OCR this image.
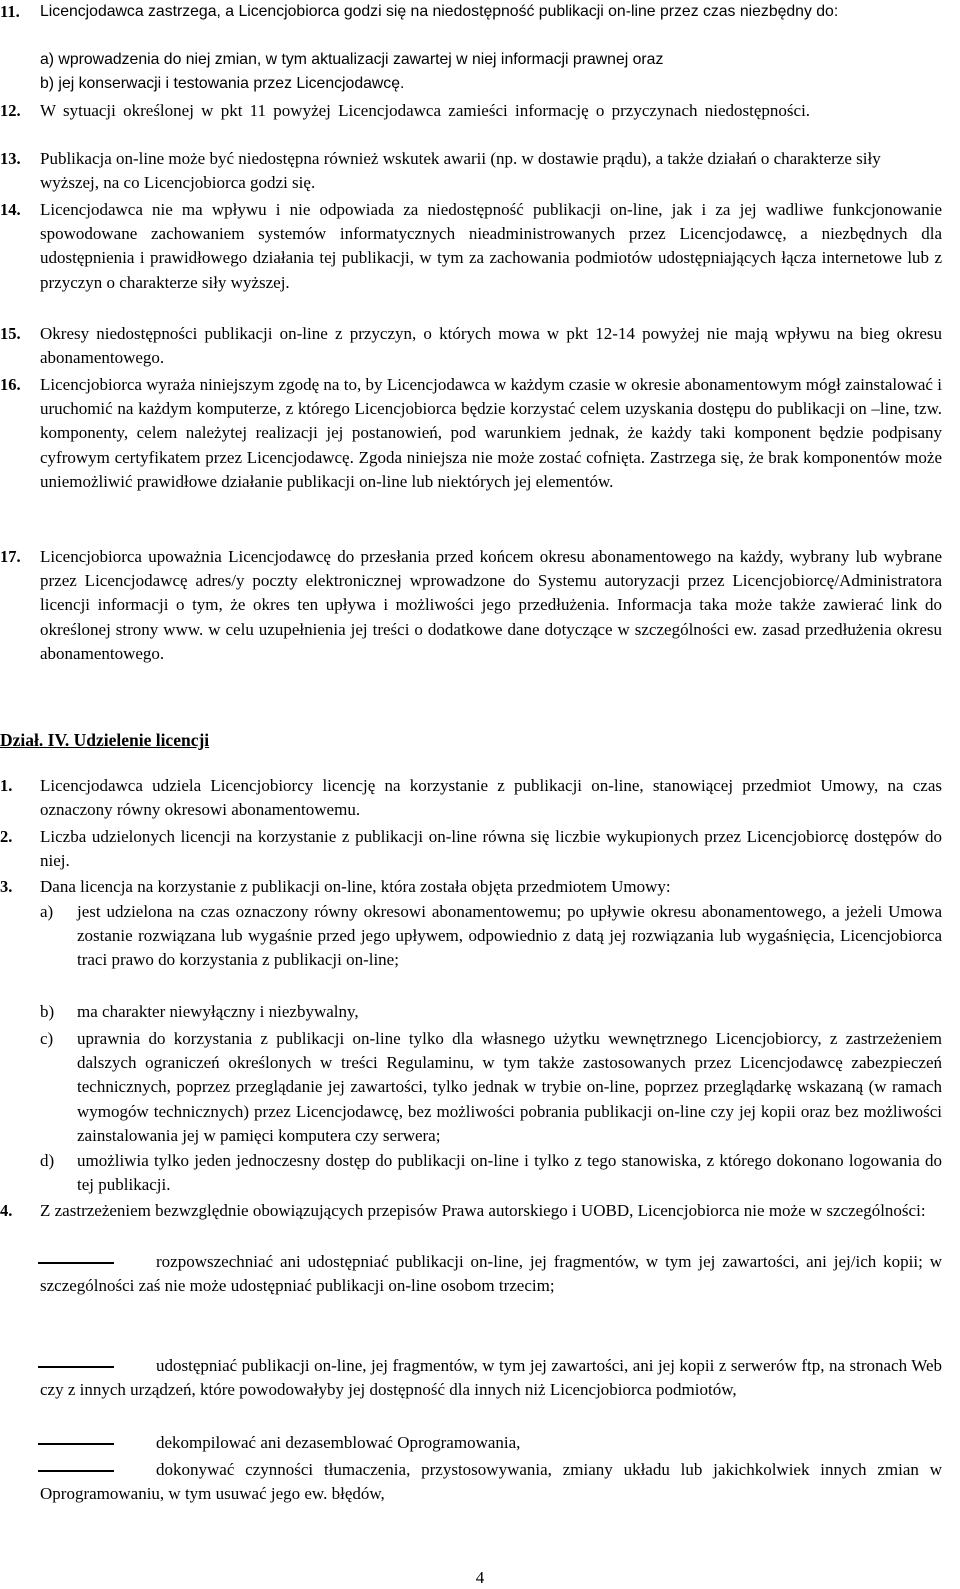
11. Licencjodawca zastrzega, a Licencjobiorca godzi się na niedostępność publikacji on-line przez czas niezbędny do:
a) wprowadzenia do niej zmian, w tym aktualizacji zawartej w niej informacji prawnej oraz
b) jej konserwacji i testowania przez Licencjodawcę.
12. W sytuacji określonej w pkt 11 powyżej Licencjodawca zamieści informację o przyczynach niedostępności.
13. Publikacja on-line może być niedostępna również wskutek awarii (np. w dostawie prądu), a także działań o charakterze siły wyższej, na co Licencjobiorca godzi się.
14. Licencjodawca nie ma wpływu i nie odpowiada za niedostępność publikacji on-line, jak i za jej wadliwe funkcjonowanie spowodowane zachowaniem systemów informatycznych nieadministrowanych przez Licencjodawcę, a niezbędnych dla udostępnienia i prawidłowego działania tej publikacji, w tym za zachowania podmiotów udostępniających łącza internetowe lub z przyczyn o charakterze siły wyższej.
15. Okresy niedostępności publikacji on-line z przyczyn, o których mowa w pkt 12-14 powyżej nie mają wpływu na bieg okresu abonamentowego.
16. Licencjobiorca wyraża niniejszym zgodę na to, by Licencjodawca w każdym czasie w okresie abonamentowym mógł zainstalować i uruchomić na każdym komputerze, z którego Licencjobiorca będzie korzystać celem uzyskania dostępu do publikacji on –line, tzw. komponenty, celem należytej realizacji jej postanowień, pod warunkiem jednak, że każdy taki komponent będzie podpisany cyfrowym certyfikatem przez Licencjodawcę. Zgoda niniejsza nie może zostać cofnięta. Zastrzega się, że brak komponentów może uniemożliwić prawidłowe działanie publikacji on-line lub niektórych jej elementów.
17. Licencjobiorca upoważnia Licencjodawcę do przesłania przed końcem okresu abonamentowego na każdy, wybrany lub wybrane przez Licencjodawcę adres/y poczty elektronicznej wprowadzone do Systemu autoryzacji przez Licencjobiorcę/Administratora licencji informacji o tym, że okres ten upływa i możliwości jego przedłużenia. Informacja taka może także zawierać link do określonej strony www. w celu uzupełnienia jej treści o dodatkowe dane dotyczące w szczególności ew. zasad przedłużenia okresu abonamentowego.
Dział. IV. Udzielenie licencji
1. Licencjodawca udziela Licencjobiorcy licencję na korzystanie z publikacji on-line, stanowiącej przedmiot Umowy, na czas oznaczony równy okresowi abonamentowemu.
2. Liczba udzielonych licencji na korzystanie z publikacji on-line równa się liczbie wykupionych przez Licencjobiorcę dostępów do niej.
3. Dana licencja na korzystanie z publikacji on-line, która została objęta przedmiotem Umowy:
a) jest udzielona na czas oznaczony równy okresowi abonamentowemu; po upływie okresu abonamentowego, a jeżeli Umowa zostanie rozwiązana lub wygaśnie przed jego upływem, odpowiednio z datą jej rozwiązania lub wygaśnięcia, Licencjobiorca traci prawo do korzystania z publikacji on-line;
b) ma charakter niewyłączny i niezbywalny,
c) uprawnia do korzystania z publikacji on-line tylko dla własnego użytku wewnętrznego Licencjobiorcy, z zastrzeżeniem dalszych ograniczeń określonych w treści Regulaminu, w tym także zastosowanych przez Licencjodawcę zabezpieczeń technicznych, poprzez przeglądanie jej zawartości, tylko jednak w trybie on-line, poprzez przeglądarkę wskazaną (w ramach wymogów technicznych) przez Licencjodawcę, bez możliwości pobrania publikacji on-line czy jej kopii oraz bez możliwości zainstalowania jej w pamięci komputera czy serwera;
d) umożliwia tylko jeden jednoczesny dostęp do publikacji on-line i tylko z tego stanowiska, z którego dokonano logowania do tej publikacji.
4. Z zastrzeżeniem bezwzględnie obowiązujących przepisów Prawa autorskiego i UOBD, Licencjobiorca nie może w szczególności:
rozpowszechniać ani udostępniać publikacji on-line, jej fragmentów, w tym jej zawartości, ani jej/ich kopii; w szczególności zaś nie może udostępniać publikacji on-line osobom trzecim;
udostępniać publikacji on-line, jej fragmentów, w tym jej zawartości, ani jej kopii z serwerów ftp, na stronach Web czy z innych urządzeń, które powodowałyby jej dostępność dla innych niż Licencjobiorca podmiotów,
dekompilować ani dezasemblować Oprogramowania,
dokonywać czynności tłumaczenia, przystosowywania, zmiany układu lub jakichkolwiek innych zmian w Oprogramowaniu, w tym usuwać jego ew. błędów,
4
